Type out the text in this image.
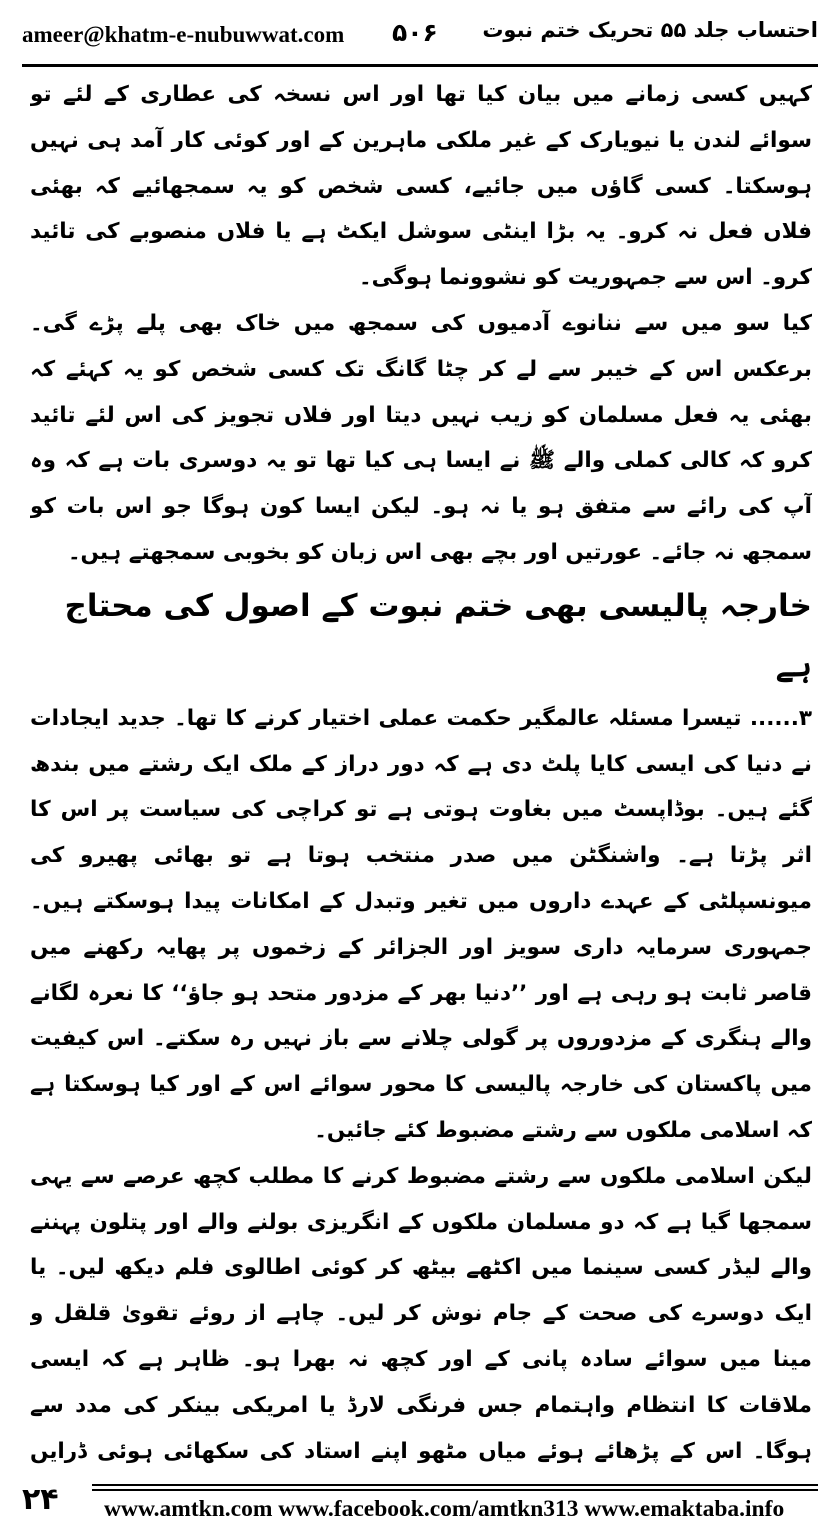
ameer@khatm-e-nubuwwat.com ۵۰۶ احتساب جلد ۵۵ تحریک ختم نبوت

کہیں کسی زمانے میں بیان کیا تھا اور اس نسخہ کی عطاری کے لئے تو سوائے لندن یا نیویارک کے غیر ملکی ماہرین کے اور کوئی کار آمد ہی نہیں ہوسکتا۔ کسی گاؤں میں جائیے، کسی شخص کو یہ سمجھائیے کہ بھئی فلاں فعل نہ کرو۔ یہ بڑا اینٹی سوشل ایکٹ ہے یا فلاں منصوبے کی تائید کرو۔ اس سے جمہوریت کو نشوونما ہوگی۔

کیا سو میں سے ننانوے آدمیوں کی سمجھ میں خاک بھی پلے پڑے گی۔ برعکس اس کے خیبر سے لے کر چٹا گانگ تک کسی شخص کو یہ کہئے کہ بھئی یہ فعل مسلمان کو زیب نہیں دیتا اور فلاں تجویز کی اس لئے تائید کرو کہ کالی کملی والے ﷺ نے ایسا ہی کیا تھا تو یہ دوسری بات ہے کہ وہ آپ کی رائے سے متفق ہو یا نہ ہو۔ لیکن ایسا کون ہوگا جو اس بات کو سمجھ نہ جائے۔ عورتیں اور بچے بھی اس زبان کو بخوبی سمجھتے ہیں۔

خارجہ پالیسی بھی ختم نبوت کے اصول کی محتاج ہے

۳...... تیسرا مسئلہ عالمگیر حکمت عملی اختیار کرنے کا تھا۔ جدید ایجادات نے دنیا کی ایسی کایا پلٹ دی ہے کہ دور دراز کے ملک ایک رشتے میں بندھ گئے ہیں۔ بوڈاپسٹ میں بغاوت ہوتی ہے تو کراچی کی سیاست پر اس کا اثر پڑتا ہے۔ واشنگٹن میں صدر منتخب ہوتا ہے تو بھائی پھیرو کی میونسپلٹی کے عہدے داروں میں تغیر وتبدل کے امکانات پیدا ہوسکتے ہیں۔ جمہوری سرمایہ داری سویز اور الجزائر کے زخموں پر پھایہ رکھنے میں قاصر ثابت ہو رہی ہے اور ’’دنیا بھر کے مزدور متحد ہو جاؤ‘‘ کا نعرہ لگانے والے ہنگری کے مزدوروں پر گولی چلانے سے باز نہیں رہ سکتے۔ اس کیفیت میں پاکستان کی خارجہ پالیسی کا محور سوائے اس کے اور کیا ہوسکتا ہے کہ اسلامی ملکوں سے رشتے مضبوط کئے جائیں۔

لیکن اسلامی ملکوں سے رشتے مضبوط کرنے کا مطلب کچھ عرصے سے یہی سمجھا گیا ہے کہ دو مسلمان ملکوں کے انگریزی بولنے والے اور پتلون پہننے والے لیڈر کسی سینما میں اکٹھے بیٹھ کر کوئی اطالوی فلم دیکھ لیں۔ یا ایک دوسرے کی صحت کے جام نوش کر لیں۔ چاہے از روئے تقویٰ قلقل و مینا میں سوائے سادہ پانی کے اور کچھ نہ بھرا ہو۔ ظاہر ہے کہ ایسی ملاقات کا انتظام واہتمام جس فرنگی لارڈ یا امریکی بینکر کی مدد سے ہوگا۔ اس کے پڑھائے ہوئے میاں مٹھو اپنے استاد کی سکھائی ہوئی ڈرایں

۲۴ www.amtkn.com www.facebook.com/amtkn313 www.emaktaba.info
